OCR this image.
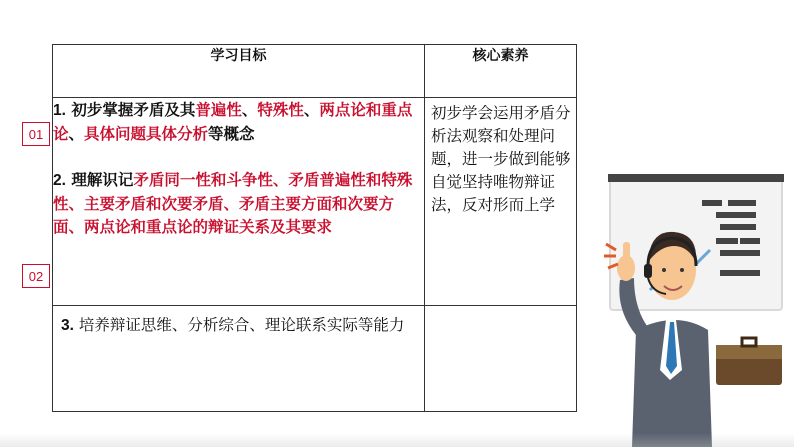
01
02
学习目标	核心素养

1. 初步掌握矛盾及其普遍性、特殊性、两点论和重点论、具体问题具体分析等概念
2. 理解识记矛盾同一性和斗争性、矛盾普遍性和特殊性、主要矛盾和次要矛盾、矛盾主要方面和次要方面、两点论和重点论的辩证关系及其要求	初步学会运用矛盾分析法观察和处理问题，进一步做到能够自觉坚持唯物辩证法，反对形而上学

3. 培养辩证思维、分析综合、理论联系实际等能力	
